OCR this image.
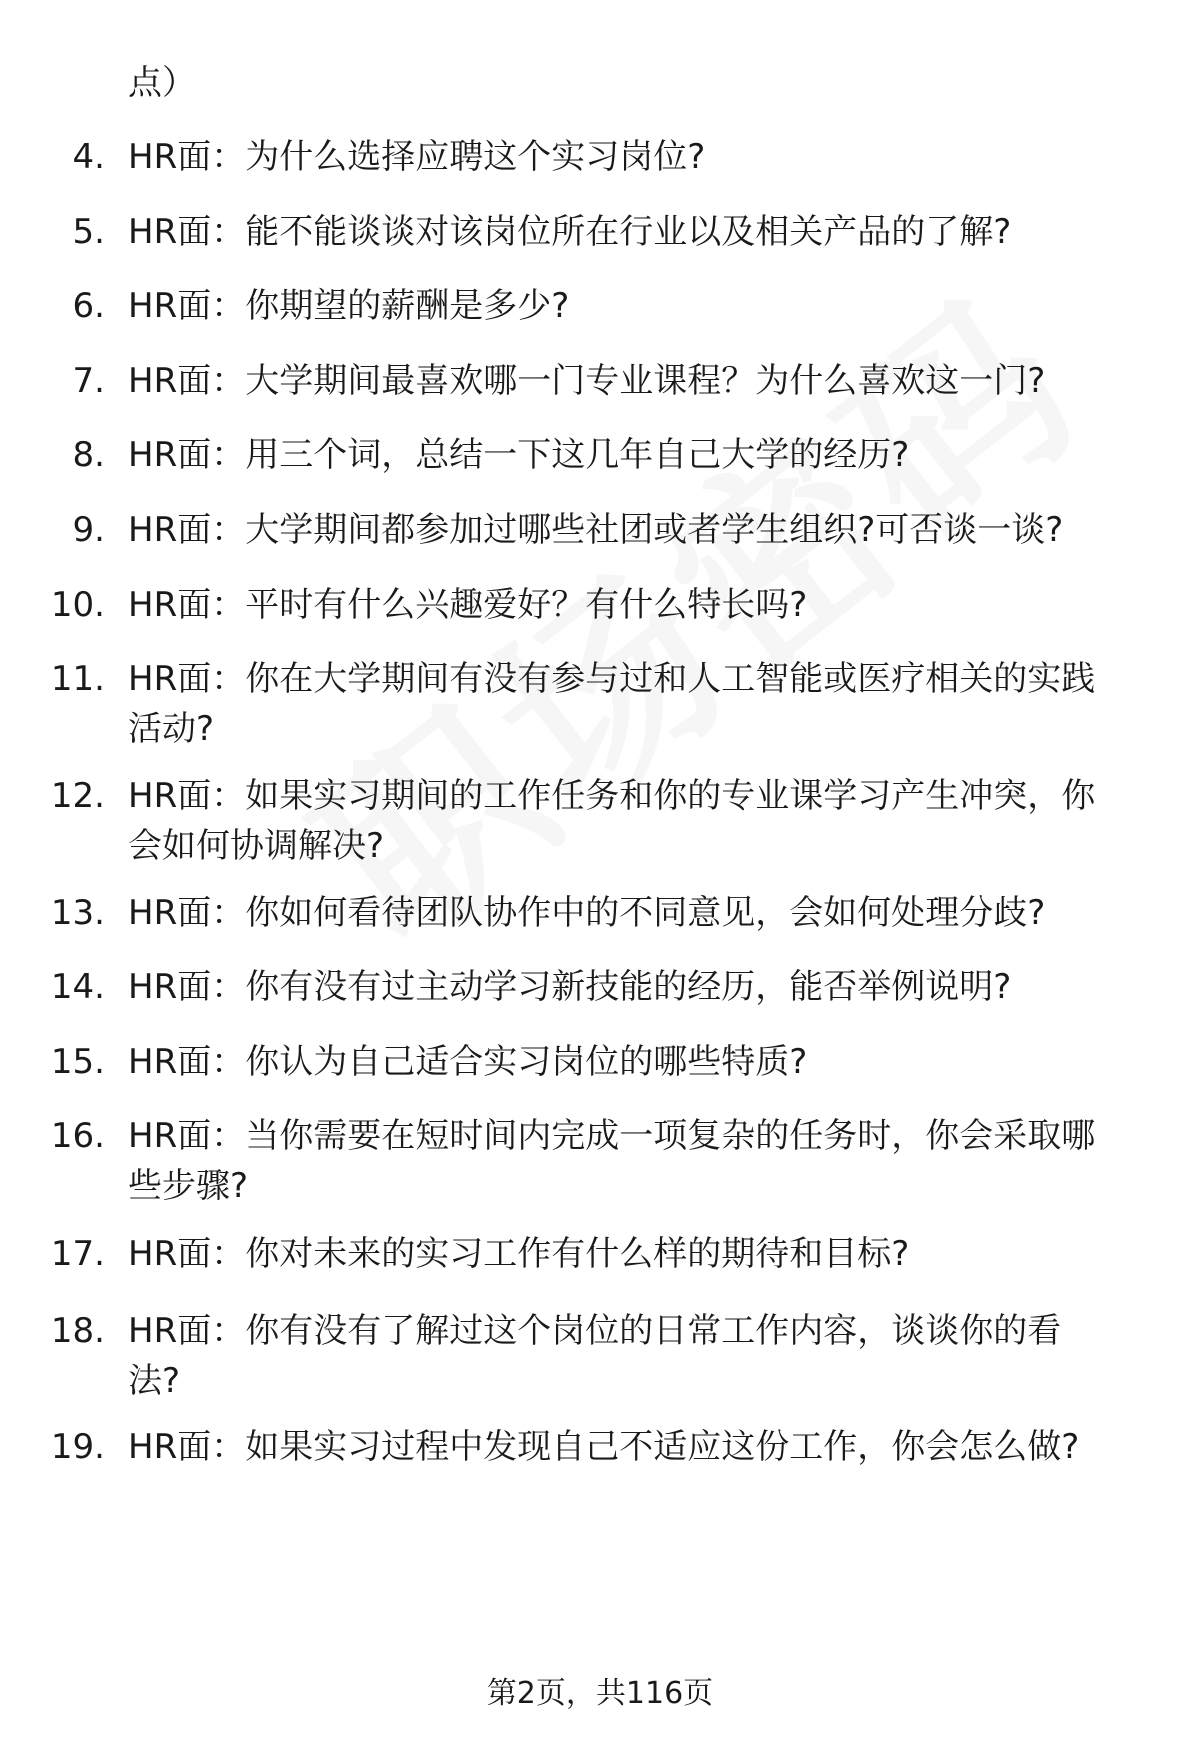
点）
4. HR面：为什么选择应聘这个实习岗位?
5. HR面：能不能谈谈对该岗位所在行业以及相关产品的了解?
6. HR面：你期望的薪酬是多少?
7. HR面：大学期间最喜欢哪一门专业课程？为什么喜欢这一门?
8. HR面：用三个词，总结一下这几年自己大学的经历?
9. HR面：大学期间都参加过哪些社团或者学生组织?可否谈一谈?
10. HR面：平时有什么兴趣爱好？有什么特长吗?
11. HR面：你在大学期间有没有参与过和人工智能或医疗相关的实践
活动?
12. HR面：如果实习期间的工作任务和你的专业课学习产生冲突，你
会如何协调解决?
13. HR面：你如何看待团队协作中的不同意见，会如何处理分歧?
14. HR面：你有没有过主动学习新技能的经历，能否举例说明?
15. HR面：你认为自己适合实习岗位的哪些特质?
16. HR面：当你需要在短时间内完成一项复杂的任务时，你会采取哪
些步骤?
17. HR面：你对未来的实习工作有什么样的期待和目标?
18. HR面：你有没有了解过这个岗位的日常工作内容，谈谈你的看
法?
19. HR面：如果实习过程中发现自己不适应这份工作，你会怎么做?
第2页，共116页
